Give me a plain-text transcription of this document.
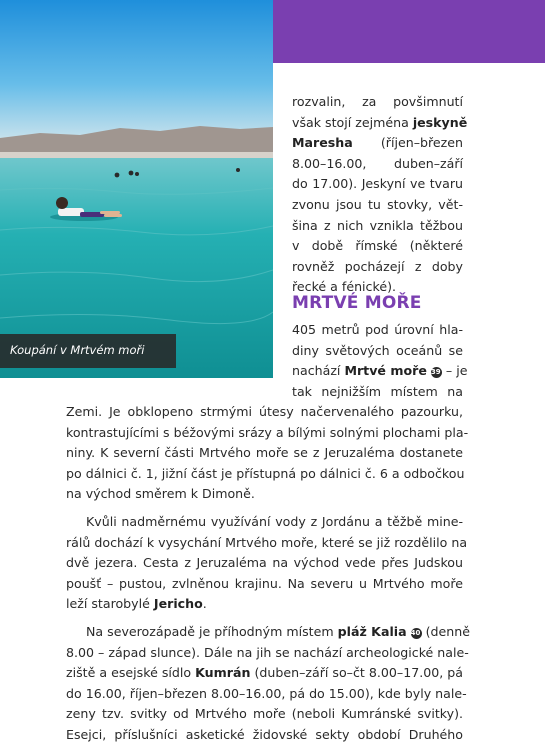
Koupání v Mrtvém moři
rozvalin, za povšimnutí
však stojí zejména jeskyně
Maresha (říjen–březen
8.00–16.00, duben–září
do 17.00). Jeskyní ve tvaru
zvonu jsou tu stovky, vět-
šina z nich vznikla těžbou
v době římské (některé
rovněž pocházejí z doby
řecké a fénické).
MRTVÉ MOŘE
405 metrů pod úrovní hla-
diny světových oceánů se
nachází Mrtvé moře 39 – je
tak nejnižším místem na
Zemi. Je obklopeno strmými útesy načervenalého pazourku,
kontrastujícími s béžovými srázy a bílými solnými plochami pla-
niny. K severní části Mrtvého moře se z Jeruzaléma dostanete
po dálnici č. 1, jižní část je přístupná po dálnici č. 6 a odbočkou
na východ směrem k Dimoně.
Kvůli nadměrnému využívání vody z Jordánu a těžbě mine-
rálů dochází k vysychání Mrtvého moře, které se již rozdělilo na
dvě jezera. Cesta z Jeruzaléma na východ vede přes Judskou
poušť – pustou, zvlněnou krajinu. Na severu u Mrtvého moře
leží starobylé Jericho.
Na severozápadě je příhodným místem pláž Kalia 40 (denně
8.00 – západ slunce). Dále na jih se nachází archeologické nale-
ziště a esejské sídlo Kumrán (duben–září so–čt 8.00–17.00, pá
do 16.00, říjen–březen 8.00–16.00, pá do 15.00), kde byly nale-
zeny tzv. svitky od Mrtvého moře (neboli Kumránské svitky).
Esejci, příslušníci asketické židovské sekty období Druhého
